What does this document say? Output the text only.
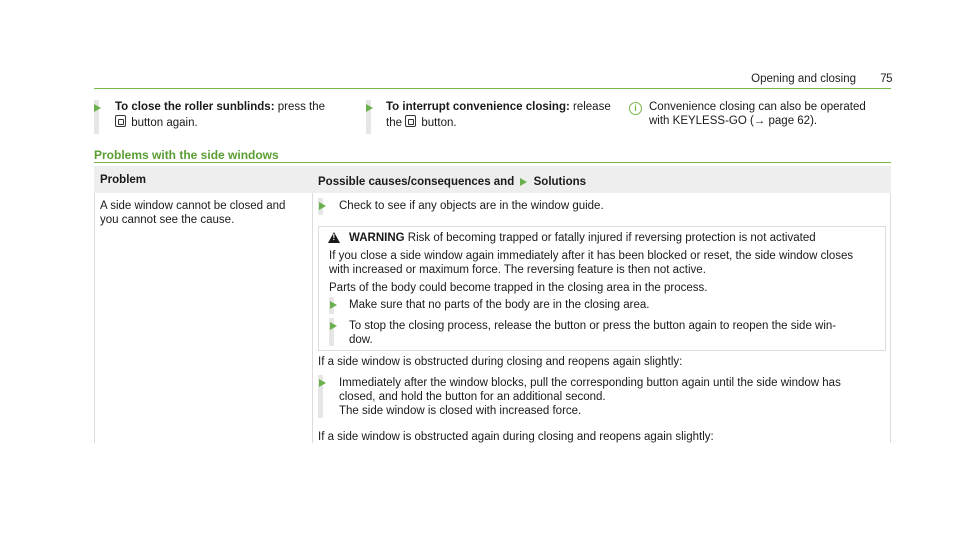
Opening and closing 75
To close the roller sunblinds: press the
button again.
To interrupt convenience closing: release
the  button.
i	Convenience closing can also be operated
with KEYLESS-GO (→ page 62).
Problems with the side windows
Problem	Possible causes/consequences and Solutions
A side window cannot be closed and
you cannot see the cause.
Check to see if any objects are in the window guide.
!
WARNING Risk of becoming trapped or fatally injured if reversing protection is not activated
If you close a side window again immediately after it has been blocked or reset, the side window closes
with increased or maximum force. The reversing feature is then not active.
Parts of the body could become trapped in the closing area in the process.
Make sure that no parts of the body are in the closing area.
To stop the closing process, release the button or press the button again to reopen the side win-
dow.
If a side window is obstructed during closing and reopens again slightly:
Immediately after the window blocks, pull the corresponding button again until the side window has
closed, and hold the button for an additional second.
The side window is closed with increased force.
If a side window is obstructed again during closing and reopens again slightly:
